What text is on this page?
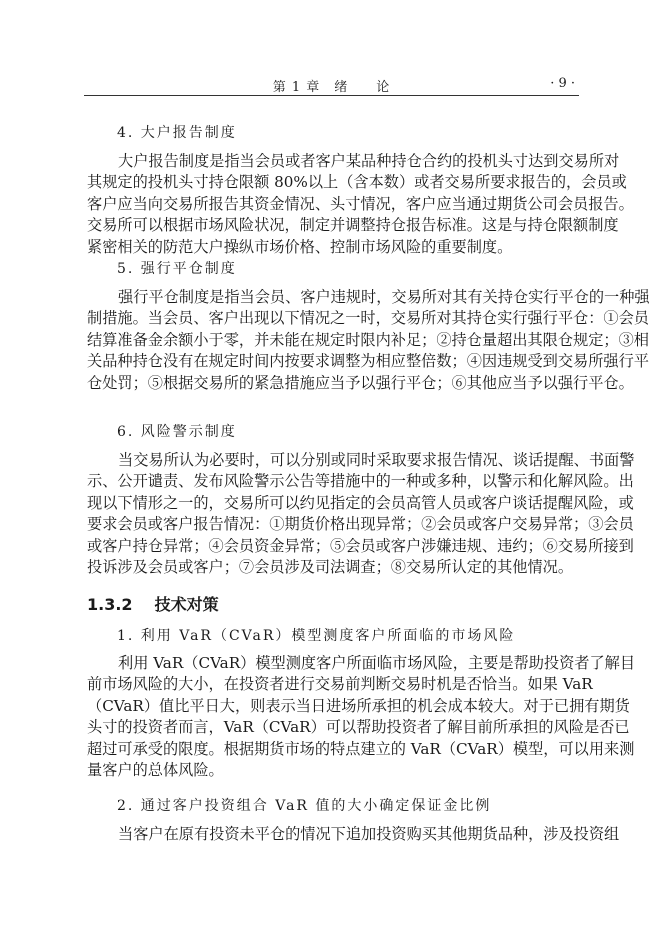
第 1 章　绪　　论	· 9 ·
4. 大户报告制度
大户报告制度是指当会员或者客户某品种持仓合约的投机头寸达到交易所对
其规定的投机头寸持仓限额 80%以上（含本数）或者交易所要求报告的，会员或
客户应当向交易所报告其资金情况、头寸情况，客户应当通过期货公司会员报告。
交易所可以根据市场风险状况，制定并调整持仓报告标准。这是与持仓限额制度
紧密相关的防范大户操纵市场价格、控制市场风险的重要制度。
5. 强行平仓制度
强行平仓制度是指当会员、客户违规时，交易所对其有关持仓实行平仓的一种强
制措施。当会员、客户出现以下情况之一时，交易所对其持仓实行强行平仓：①会员
结算准备金余额小于零，并未能在规定时限内补足；②持仓量超出其限仓规定；③相
关品种持仓没有在规定时间内按要求调整为相应整倍数；④因违规受到交易所强行平
仓处罚；⑤根据交易所的紧急措施应当予以强行平仓；⑥其他应当予以强行平仓。
6. 风险警示制度
当交易所认为必要时，可以分别或同时采取要求报告情况、谈话提醒、书面警
示、公开谴责、发布风险警示公告等措施中的一种或多种，以警示和化解风险。出
现以下情形之一的，交易所可以约见指定的会员高管人员或客户谈话提醒风险，或
要求会员或客户报告情况：①期货价格出现异常；②会员或客户交易异常；③会员
或客户持仓异常；④会员资金异常；⑤会员或客户涉嫌违规、违约；⑥交易所接到
投诉涉及会员或客户；⑦会员涉及司法调查；⑧交易所认定的其他情况。
1.3.2 技术对策
1. 利用 VaR（CVaR）模型测度客户所面临的市场风险
利用 VaR（CVaR）模型测度客户所面临市场风险，主要是帮助投资者了解目
前市场风险的大小，在投资者进行交易前判断交易时机是否恰当。如果 VaR
（CVaR）值比平日大，则表示当日进场所承担的机会成本较大。对于已拥有期货
头寸的投资者而言，VaR（CVaR）可以帮助投资者了解目前所承担的风险是否已
超过可承受的限度。根据期货市场的特点建立的 VaR（CVaR）模型，可以用来测
量客户的总体风险。
2. 通过客户投资组合 VaR 值的大小确定保证金比例
当客户在原有投资未平仓的情况下追加投资购买其他期货品种，涉及投资组
